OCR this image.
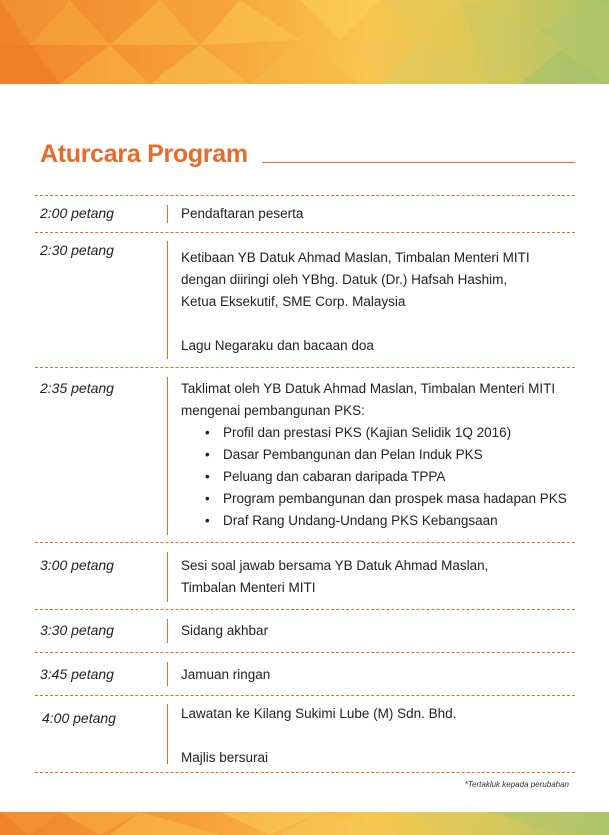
Aturcara Program
2:00 petang	Pendaftaran peserta

2:30 petang	Ketibaan YB Datuk Ahmad Maslan, Timbalan Menteri MITI

dengan diiringi oleh YBhg. Datuk (Dr.) Hafsah Hashim,

Ketua Eksekutif, SME Corp. Malaysia

Lagu Negaraku dan bacaan doa

2:35 petang	Taklimat oleh YB Datuk Ahmad Maslan, Timbalan Menteri MITI

mengenai pembangunan PKS:

• Profil dan prestasi PKS (Kajian Selidik 1Q 2016)
• Dasar Pembangunan dan Pelan Induk PKS
• Peluang dan cabaran daripada TPPA
• Program pembangunan dan prospek masa hadapan PKS
• Draf Rang Undang-Undang PKS Kebangsaan
3:00 petang	Sesi soal jawab bersama YB Datuk Ahmad Maslan,

Timbalan Menteri MITI

3:30 petang	Sidang akhbar

3:45 petang	Jamuan ringan

4:00 petang	Lawatan ke Kilang Sukimi Lube (M) Sdn. Bhd.

Majlis bersurai

*Tertakluk kepada perubahan
